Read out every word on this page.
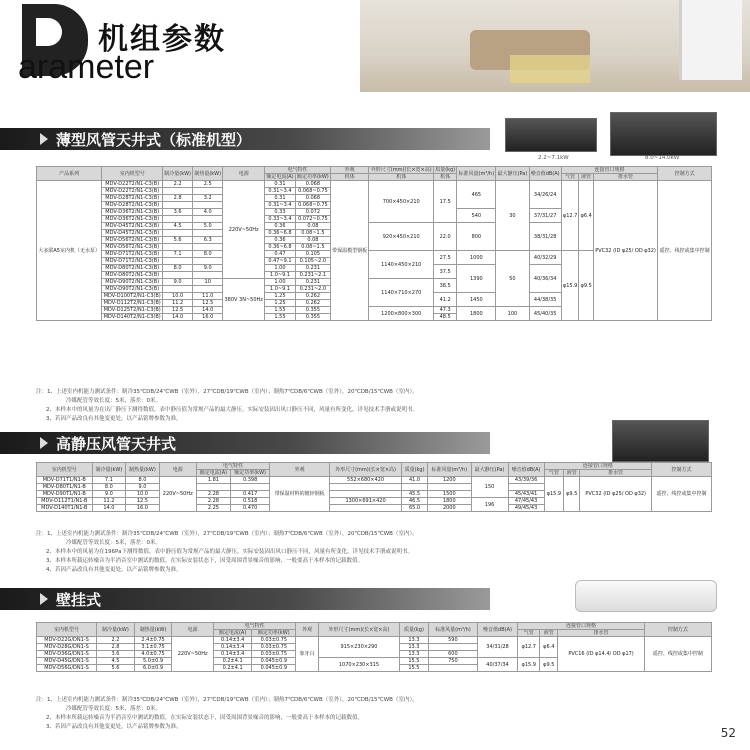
机组参数
arameter
薄型风管天井式（标准机型）
2.2~7.1kW	8.0~14.0kW
产品系列	室内机型号	制冷量(kW)	制热量(kW)	电源	电气特性		外观	外形尺寸(mm)(长×宽×高)	质量(kg)	标准风量(m³/h)	最大静压(Pa)	噪音值dB(A)	连接管口规格			控制方式
					额定电流(A)	额定功率(kW)	机体	机体	机体				气管	液管	排水管	
大多联A5室内机（无水泵）	MDV-D22T2/N1-C3(B)	2.2	2.5	220V~50Hz	0.31	0.068	带保温模型钢板	700×450×210	17.5	465	30	34/26/24	φ12.7	φ6.4	PVC32 (ID φ25/ OD φ32)	遥控、线控或集中控制
	MDV-D22T2/N1-C3(B)				0.31~3.4	0.068~0.75										
	MDV-D28T2/N1-C3(B)	2.8	3.2		0.31	0.068										
	MDV-D28T2/N1-C3(B)				0.31~3.4	0.068~0.75										
	MDV-D36T2/N1-C3(B)	3.6	4.0		0.33	0.072				540		37/31/27				
	MDV-D36T2/N1-C3(B)				0.33~3.4	0.072~0.75										
	MDV-D45T2/N1-C3(B)	4.5	5.0		0.36	0.08		920×450×210	22.0	800		38/31/28				
	MDV-D45T2/N1-C3(B)				0.36~6.8	0.08~1.5										
	MDV-D56T2/N1-C3(B)	5.6	6.3		0.36	0.08										
	MDV-D56T2/N1-C3(B)				0.36~6.8	0.08~1.5										
	MDV-D71T2/N1-C3(B)	7.1	8.0		0.47	0.105		1140×450×210	27.5	1000	50	40/32/29	φ15.9	φ9.5		
	MDV-D71T2/N1-C3(B)				0.47~9.1	0.105~2.0										
	MDV-D80T2/N1-C3(B)	8.0	9.0		1.00	0.231			37.5	1390		40/36/34				
	MDV-D80T2/N1-C3(B)				1.0~9.1	0.231~2.1										
	MDV-D90T2/N1-C3(B)	9.0	10	380V 3N~50Hz	1.00	0.231		1140×710×270	38.5							
	MDV-D90T2/N1-C3(B)				1.0~9.1	0.231~2.0										
	MDV-D100T2/N1-C3(B)	10.0	11.0		1.25	0.262			41.2	1450		44/38/35				
	MDV-D112T2/N1-C3(B)	11.2	12.5		1.25	0.262										
	MDV-D125T2/N1-C3(B)	12.5	14.0		1.55	0.355		1200×800×300	47.3	1800	100	45/40/35				
	MDV-D140T2/N1-C3(B)	14.0	16.0		1.55	0.355			48.5							
注：1、上述室内机能力测试条件：制冷35℃DB/24℃WB（室外），27℃DB/19℃WB（室内）；制热7℃DB/6℃WB（室外），20℃DB/15℃WB（室内）。
冷媒配管等效长度：5米，落差：0米。
2、本样本中的风量为在出厂静压下测得数值，表中静压值为常规产品的最大静压。实际安装因出风口静压不同，风量有所变化，详见技术手册或说明书。
3、若因产品改良有其他变更处，以产品铭牌参数为准。
高静压风管天井式
室内机型号	制冷量(kW)	制热量(kW)	电源	电气特性		外观	外形尺寸(mm)(长×宽×高)	质量(kg)	标准风量(m³/h)	最大静压(Pa)	噪音值dB(A)	连接管口规格			控制方式
				额定电流(A)	额定功率(kW)							气管	液管	排水管	
MDV-D71T1/N1-B	7.1	8.0	220V~50Hz	1.81	0.398	带保温材料的镀锌钢板	552×680×420	41.0	1200	150	43/39/36	φ15.9	φ9.5	PVC32 (ID φ25/ OD φ32)	遥控、线控或集中控制
MDV-D80T1/N1-B	8.0	9.0													
MDV-D90T1/N1-B	9.0	10.0		2.28	0.417			45.5	1500		45/43/41				
MDV-D112T1/N1-B	11.2	12.5		2.28	0.518		1300×691×420	46.5	1800	196	47/45/43				
MDV-D140T1/N1-B	14.0	16.0		2.25	0.470			65.0	2000		49/45/43				
注：1、上述室内机能力测试条件：制冷35℃DB/24℃WB（室外），27℃DB/19℃WB（室内）；制热7℃DB/6℃WB（室外），20℃DB/15℃WB（室内）。
冷媒配管等效长度：5米，落差：0米。
2、本样本中的风量为在196Pa下测得数值，表中静压值为常规产品的最大静压。实际安装因出风口静压不同，风量有所变化，详见技术手册或说明书。
3、本样本所载运转噪音为半消音室中测试的数值，在实际安装状态下，因受周围背景噪音的影响，一般要高于本样本的记载数值。
4、若因产品改良有其他变更处，以产品铭牌参数为准。
壁挂式
室内机型号	制冷量(kW)	制热量(kW)	电源	电气特性		外观	外形尺寸(mm)(长×宽×高)	质量(kg)	标准风量(m³/h)	噪音值dB(A)	连接管口规格			控制方式
				额定电流(A)	额定功率(kW)						气管	液管	排水管	
MDV-D22G/DN1-S	2.2	2.4±0.75	220V~50Hz	0.14±3.4	0.03±0.75	象牙白	915×230×290	13.3	590	34/31/28	φ12.7	φ6.4	PVC16 (ID φ14.4/ OD φ17)	遥控、线控或集中控制
MDV-D28G/DN1-S	2.8	3.1±0.75		0.14±3.4	0.03±0.75			13.3						
MDV-D36G/DN1-S	3.6	4.0±0.75		0.14±3.4	0.03±0.75			13.3	600					
MDV-D45G/DN1-S	4.5	5.0±0.9		0.2±4.1	0.045±0.9		1070×230×315	15.5	750	40/37/34	φ15.9	φ9.5		
MDV-D56G/DN1-S	5.6	6.0±0.9		0.2±4.1	0.045±0.9			15.5						
注：1、上述室内机能力测试条件：制冷35℃DB/24℃WB（室外），27℃DB/19℃WB（室内）；制热7℃DB/6℃WB（室外），20℃DB/15℃WB（室内）。
冷媒配管等效长度：5米，落差：0米。
2、本样本所载运转噪音为半消音室中测试的数值，在实际安装状态下，因受周围背景噪音的影响，一般要高于本样本的记载数值。
3、若因产品改良有其他变更处，以产品铭牌参数为准。	52
